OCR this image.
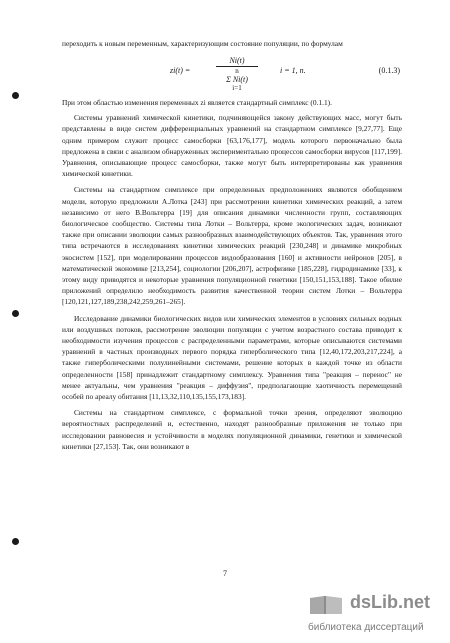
переходить к новым переменным, характеризующим состояние популяции, по формулам

zi(t) =
Ni(t)
n
Σ Ni(t)
i=1
i = 1, n.	(0.1.3)

При этом областью изменения переменных zi является стандартный симплекс (0.1.1).

Системы уравнений химической кинетики, подчиняющейся закону действующих масс, могут быть представлены в виде систем дифференциальных уравнений на стандартном симплексе [9,27,77]. Еще одним примером служит процесс самосборки [63,176,177], модель которого первоначально была предложена в связи с анализом обнаруженных экспериментально процессов самосборки вирусов [117,199]. Уравнения, описывающие процесс самосборки, также могут быть интерпретированы как уравнения химической кинетики.

Системы на стандартном симплексе при определенных предположениях являются обобщением модели, которую предложили А.Лотка [243] при рассмотрении кинетики химических реакций, а затем независимо от него В.Вольтерра [19] для описания динамики численности групп, составляющих биологическое сообщество. Системы типа Лотки – Вольтерра, кроме экологических задач, возникают также при описании эволюции самых разнообразных взаимодействующих объектов. Так, уравнения этого типа встречаются в исследованиях кинетики химических реакций [230,248] и динамике микробных экосистем [152], при моделировании процессов видообразования [160] и активности нейронов [205], в математической экономике [213,254], социологии [206,207], астрофизике [185,228], гидродинамике [33], к этому виду приводятся и некоторые уравнения популяционной генетики [150,151,153,188]. Такое обилие приложений определило необходимость развития качественной теории систем Лотки – Вольтерра [120,121,127,189,238,242,259,261–265].

Исследование динамики биологических видов или химических элементов в условиях сильных водных или воздушных потоков, рассмотрение эволюции популяции с учетом возрастного состава приводит к необходимости изучения процессов с распределенными параметрами, которые описываются системами уравнений в частных производных первого порядка гиперболического типа [12,40,172,203,217,224], а также гиперболическими полулинейными системами, решение которых в каждой точке из области определенности [158] принадлежит стандартному симплексу. Уравнения типа "реакция – перенос" не менее актуальны, чем уравнения "реакция – диффузия", предполагающие хаотичность перемещений особей по ареалу обитания [11,13,32,110,135,155,173,183].

Системы на стандартном симплексе, с формальной точки зрения, определяют эволюцию вероятностных распределений и, естественно, находят разнообразные приложения не только при исследовании равновесия и устойчивости в моделях популяционной динамики, генетики и химической кинетики [27,153]. Так, они возникают в

7
dsLib.net
библиотека диссертаций
